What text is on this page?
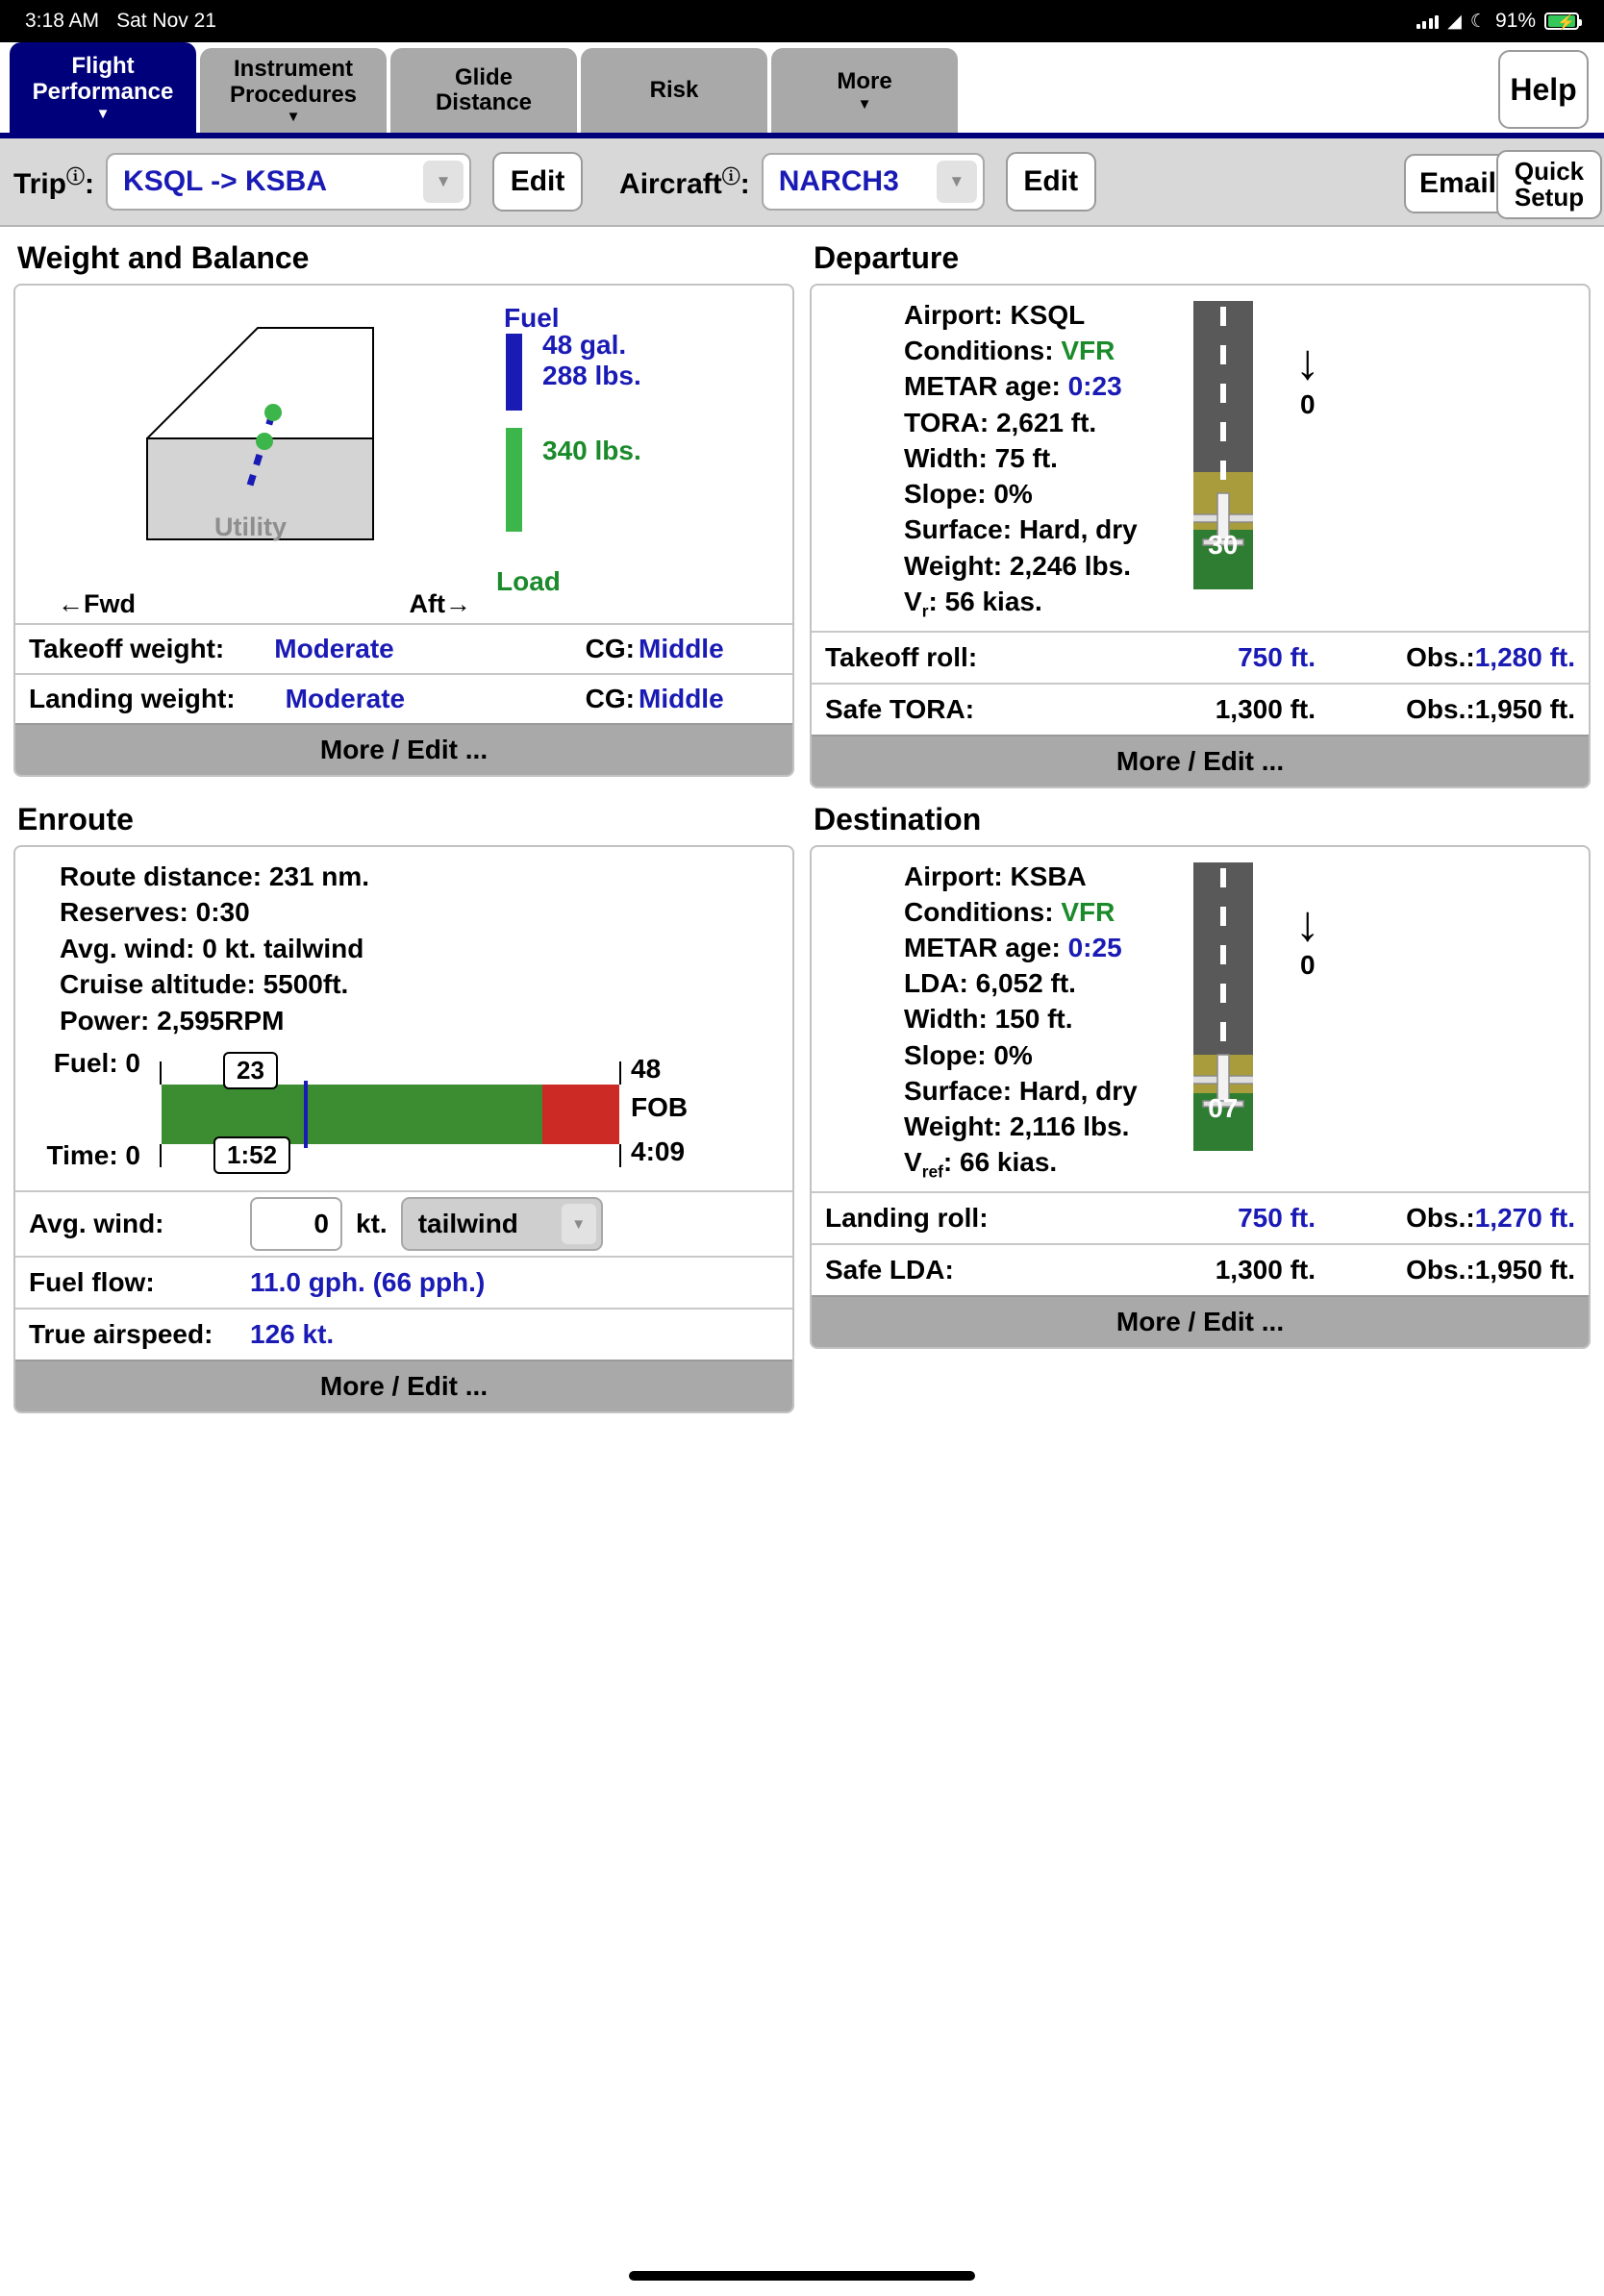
3:18 AM Sat Nov 21	◢ ☾ 91% ⚡
Flight
Performance
▼
Instrument
Procedures
▼
Glide
Distance	Risk	More
▼	Help
Tripⓘ: KSQL -> KSBA	▼	Edit	Aircraftⓘ: NARCH3	▼	Edit	Email Quick
Setup
Weight and Balance
Utility
←Fwd	Aft→
Fuel
48 gal.
288 lbs.
340 lbs.
Load
Takeoff weight: Moderate	CG: Middle
Landing weight: Moderate	CG: Middle
More / Edit ...
Departure
Airport: KSQL
Conditions: VFR
METAR age: 0:23
TORA: 2,621 ft.
Width: 75 ft.
Slope: 0%
Surface: Hard, dry
Weight: 2,246 lbs.
$V_r$: 56 kias.
30
↓
0
Takeoff roll:	750 ft.	Obs.: 1,280 ft.
Safe TORA:	1,300 ft.	Obs.: 1,950 ft.
More / Edit ...
Enroute
Route distance: 231 nm.
Reserves: 0:30
Avg. wind: 0 kt. tailwind
Cruise altitude: 5500ft.
Power: 2,595RPM
Fuel: 0	48
23
Time: 0	4:09
1:52
FOB
Avg. wind:	0	kt. tailwind	▼
Fuel flow:	11.0 gph. (66 pph.)
True airspeed:	126 kt.
More / Edit ...
Destination
Airport: KSBA
Conditions: VFR
METAR age: 0:25
LDA: 6,052 ft.
Width: 150 ft.
Slope: 0%
Surface: Hard, dry
Weight: 2,116 lbs.
$V_{ref}$: 66 kias.
07
↓
0
Landing roll:	750 ft.	Obs.: 1,270 ft.
Safe LDA:	1,300 ft.	Obs.: 1,950 ft.
More / Edit ...
